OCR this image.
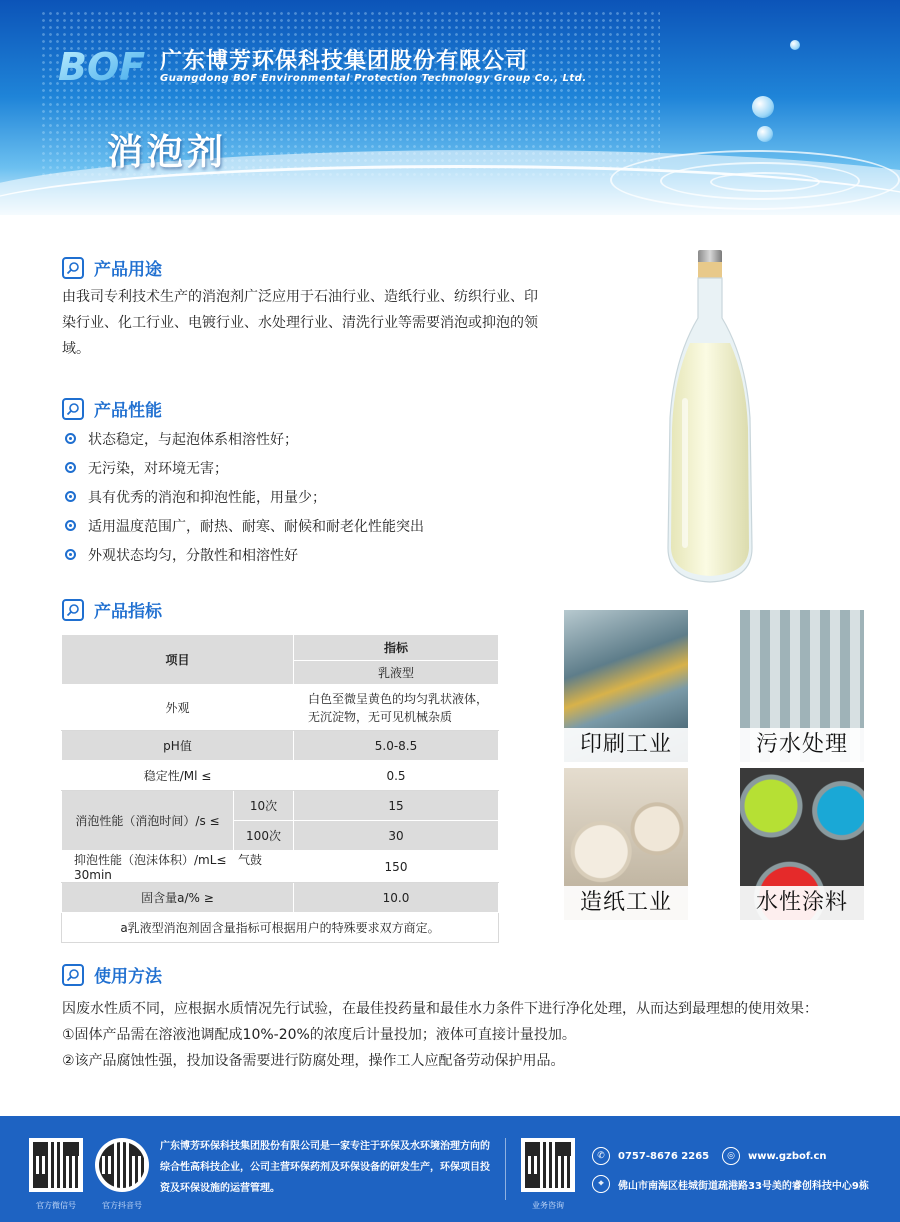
BOF 广东博芳环保科技集团股份有限公司
Guangdong BOF Environmental Protection Technology Group Co., Ltd.
消泡剂
产品用途
由我司专利技术生产的消泡剂广泛应用于石油行业、造纸行业、纺织行业、印染行业、化工行业、电镀行业、水处理行业、清洗行业等需要消泡或抑泡的领域。
产品性能
状态稳定，与起泡体系相溶性好；
无污染，对环境无害；
具有优秀的消泡和抑泡性能，用量少；
适用温度范围广，耐热、耐寒、耐候和耐老化性能突出
外观状态均匀，分散性和相溶性好
产品指标
项目		指标
		乳液型
外观		白色至微呈黄色的均匀乳状液体，无沉淀物，无可见机械杂质
pH值		5.0-8.5
稳定性/Ml ≤		0.5
消泡性能（消泡时间）/s ≤	10次	15
	100次	30
抑泡性能（泡沫体积）/mL≤ 气鼓30min		150
固含量a/% ≥		10.0
a乳液型消泡剂固含量指标可根据用户的特殊要求双方商定。		
印刷工业	污水处理
造纸工业	水性涂料
使用方法
因废水性质不同，应根据水质情况先行试验，在最佳投药量和最佳水力条件下进行净化处理，从而达到最理想的使用效果：
①固体产品需在溶液池调配成10%-20%的浓度后计量投加；液体可直接计量投加。
②该产品腐蚀性强，投加设备需要进行防腐处理，操作工人应配备劳动保护用品。
官方微信号	官方抖音号
广东博芳环保科技集团股份有限公司是一家专注于环保及水环境治理方向的综合性高科技企业，公司主营环保药剂及环保设备的研发生产，环保项目投资及环保设施的运营管理。
业务咨询
✆	0757-8676 2265	◎	www.gzbof.cn
⌖	佛山市南海区桂城街道疏港路33号美的睿创科技中心9栋
